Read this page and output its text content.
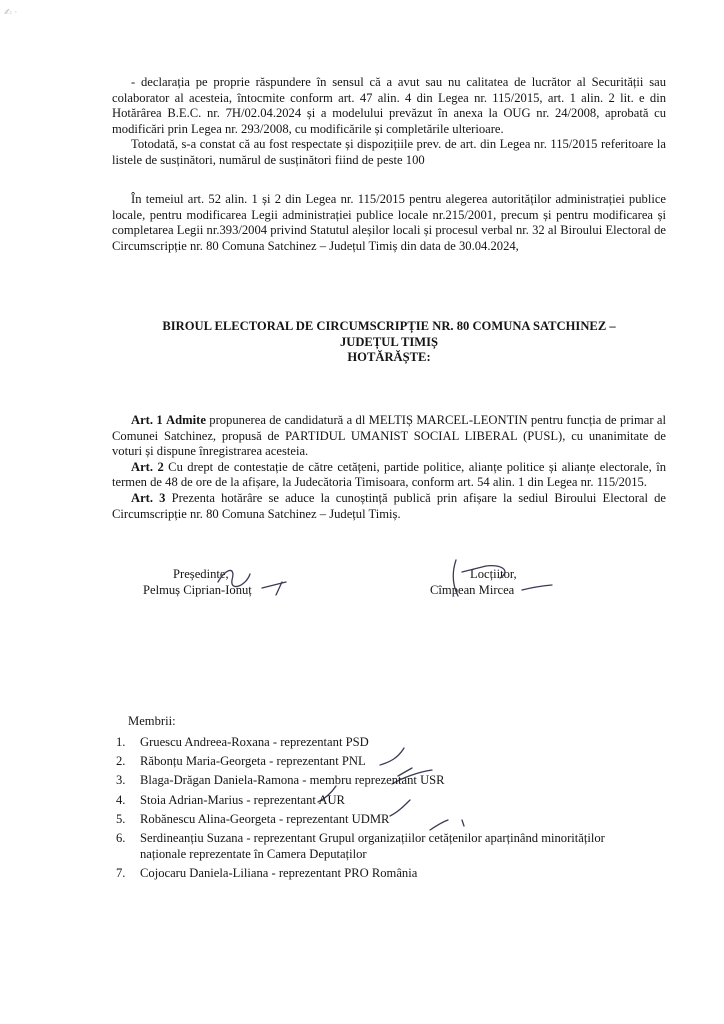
✍ ·

- declarația pe proprie răspundere în sensul că a avut sau nu calitatea de lucrător al Securității sau colaborator al acesteia, întocmite conform art. 47 alin. 4 din Legea nr. 115/2015, art. 1 alin. 2 lit. e din Hotărârea B.E.C. nr. 7H/02.04.2024 și a modelului prevăzut în anexa la OUG nr. 24/2008, aprobată cu modificări prin Legea nr. 293/2008, cu modificările și completările ulterioare.

Totodată, s-a constat că au fost respectate și dispozițiile prev. de art. din Legea nr. 115/2015 referitoare la listele de susținători, numărul de susținători fiind de peste 100

În temeiul art. 52 alin. 1 și 2 din Legea nr. 115/2015 pentru alegerea autorităților administrației publice locale, pentru modificarea Legii administrației publice locale nr.215/2001, precum și pentru modificarea și completarea Legii nr.393/2004 privind Statutul aleșilor locali și procesul verbal nr. 32 al Biroului Electoral de Circumscripție nr. 80 Comuna Satchinez – Județul Timiș din data de 30.04.2024,

BIROUL ELECTORAL DE CIRCUMSCRIPȚIE NR. 80 COMUNA SATCHINEZ –
JUDEȚUL TIMIȘ
HOTĂRĂȘTE:

Art. 1 Admite propunerea de candidatură a dl MELTIȘ MARCEL-LEONTIN pentru funcția de primar al Comunei Satchinez, propusă de PARTIDUL UMANIST SOCIAL LIBERAL (PUSL), cu unanimitate de voturi și dispune înregistrarea acesteia.

Art. 2 Cu drept de contestație de către cetățeni, partide politice, alianțe politice și alianțe electorale, în termen de 48 de ore de la afișare, la Judecătoria Timisoara, conform art. 54 alin. 1 din Legea nr. 115/2015.

Art. 3 Prezenta hotărâre se aduce la cunoștință publică prin afișare la sediul Biroului Electoral de Circumscripție nr. 80 Comuna Satchinez – Județul Timiș.

Președinte,
Pelmuș Ciprian-Ionuț
Locțiitor,
Cîmpean Mircea
Membrii:
1. Gruescu Andreea-Roxana - reprezentant PSD
2. Răbonțu Maria-Georgeta - reprezentant PNL
3. Blaga-Drăgan Daniela-Ramona - membru reprezentant USR
4. Stoia Adrian-Marius - reprezentant AUR
5. Robănescu Alina-Georgeta - reprezentant UDMR
6. Serdineanțiu Suzana - reprezentant Grupul organizațiilor cetățenilor aparținând minorităților naționale reprezentate în Camera Deputaților
7. Cojocaru Daniela-Liliana - reprezentant PRO România
